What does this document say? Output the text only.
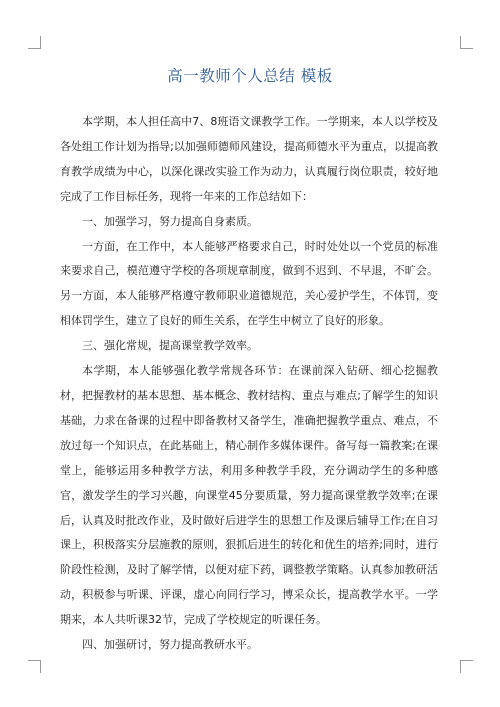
高一教师个人总结 模板

本学期，本人担任高中7、8班语文课教学工作。一学期来，本人以学校及各处组工作计划为指导;以加强师德师风建设，提高师德水平为重点，以提高教育教学成绩为中心，以深化课改实验工作为动力，认真履行岗位职责，较好地完成了工作目标任务，现将一年来的工作总结如下：

一、加强学习，努力提高自身素质。

一方面，在工作中，本人能够严格要求自己，时时处处以一个党员的标准来要求自己，模范遵守学校的各项规章制度，做到不迟到、不早退，不旷会。另一方面，本人能够严格遵守教师职业道德规范，关心爱护学生，不体罚，变相体罚学生，建立了良好的师生关系，在学生中树立了良好的形象。

三、强化常规，提高课堂教学效率。

本学期，本人能够强化教学常规各环节：在课前深入钻研、细心挖掘教材，把握教材的基本思想、基本概念、教材结构、重点与难点;了解学生的知识基础，力求在备课的过程中即备教材又备学生，准确把握教学重点、难点，不放过每一个知识点，在此基础上，精心制作多媒体课件。备写每一篇教案;在课堂上，能够运用多种教学方法，利用多种教学手段，充分调动学生的多种感官，激发学生的学习兴趣，向课堂45分要质量，努力提高课堂教学效率;在课后，认真及时批改作业，及时做好后进学生的思想工作及课后辅导工作;在自习课上，积极落实分层施教的原则，狠抓后进生的转化和优生的培养;同时，进行阶段性检测，及时了解学情，以便对症下药，调整教学策略。认真参加教研活动，积极参与听课、评课，虚心向同行学习，博采众长，提高教学水平。一学期来，本人共听课32节，完成了学校规定的听课任务。

四、加强研讨，努力提高教研水平。
